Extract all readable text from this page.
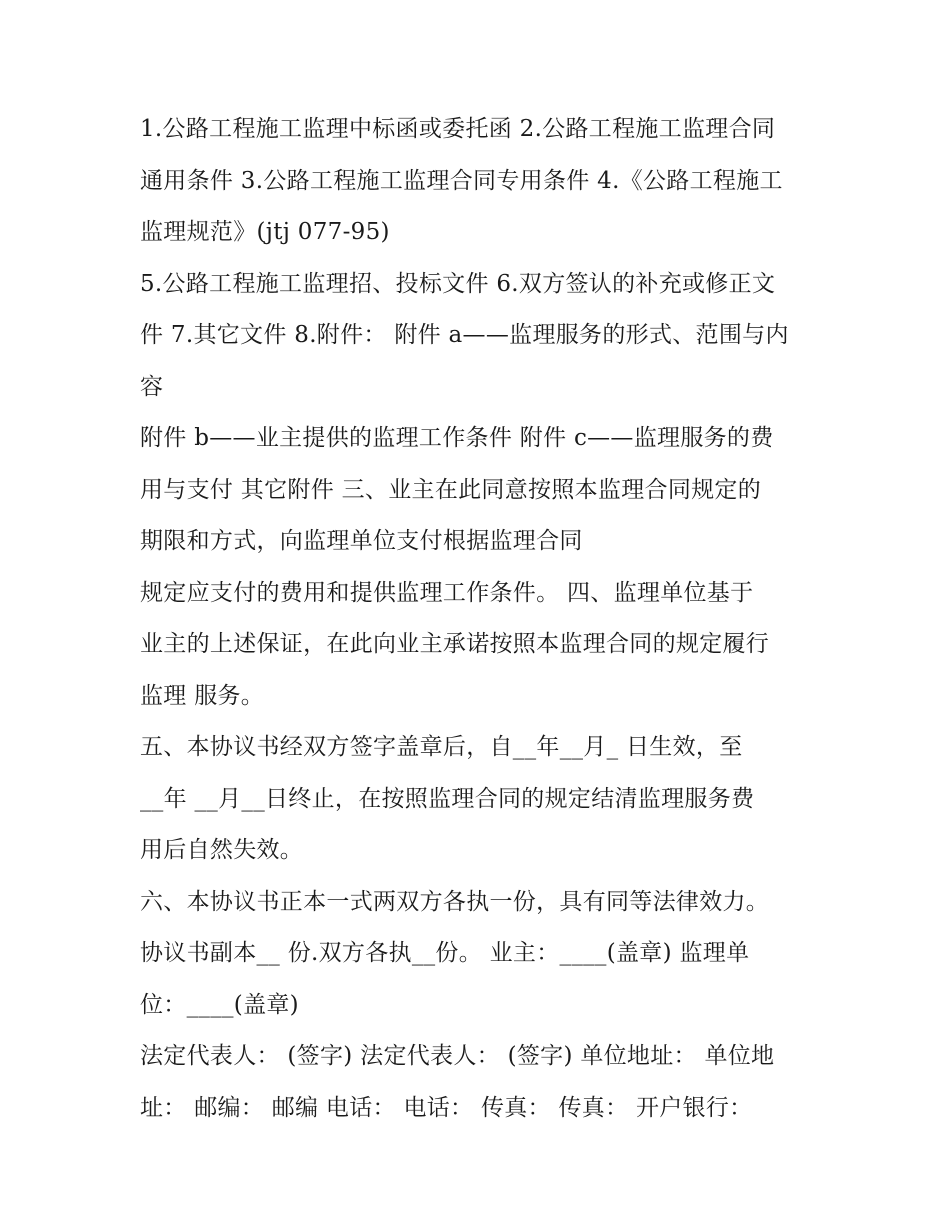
1.公路工程施工监理中标函或委托函 2.公路工程施工监理合同
通用条件 3.公路工程施工监理合同专用条件 4.《公路工程施工
监理规范》(jtj 077-95)
5.公路工程施工监理招、投标文件 6.双方签认的补充或修正文
件 7.其它文件 8.附件： 附件 a——监理服务的形式、范围与内
容
附件 b——业主提供的监理工作条件 附件 c——监理服务的费
用与支付 其它附件 三、业主在此同意按照本监理合同规定的
期限和方式，向监理单位支付根据监理合同
规定应支付的费用和提供监理工作条件。 四、监理单位基于
业主的上述保证，在此向业主承诺按照本监理合同的规定履行
监理 服务。
五、本协议书经双方签字盖章后，自__年__月_ 日生效，至
__年 __月__日终止，在按照监理合同的规定结清监理服务费
用后自然失效。
六、本协议书正本一式两双方各执一份，具有同等法律效力。
协议书副本__ 份.双方各执__份。 业主：____(盖章) 监理单
位：____(盖章)
法定代表人： (签字) 法定代表人： (签字) 单位地址： 单位地
址： 邮编： 邮编 电话： 电话： 传真： 传真： 开户银行：
